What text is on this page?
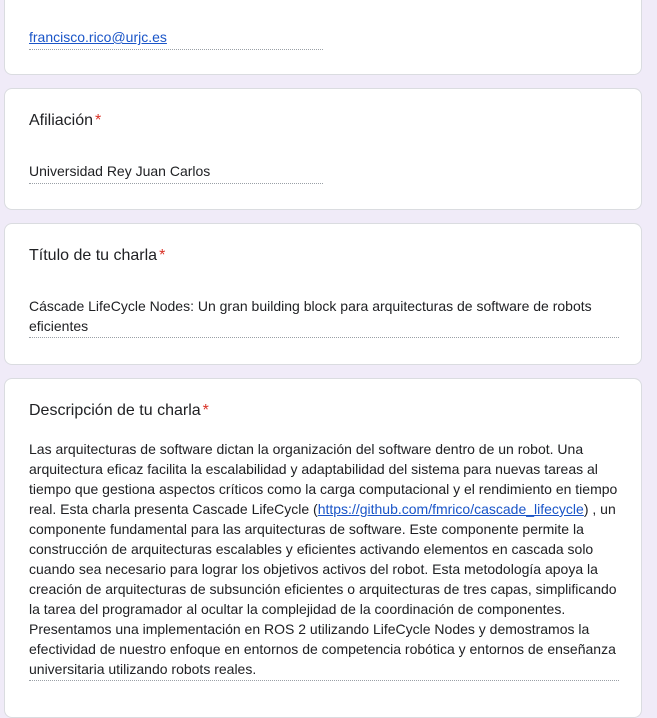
francisco.rico@urjc.es
Afiliación *
Universidad Rey Juan Carlos
Título de tu charla *
Cáscade LifeCycle Nodes: Un gran building block para arquitecturas de software de robots eficientes
Descripción de tu charla *
Las arquitecturas de software dictan la organización del software dentro de un robot. Una arquitectura eficaz facilita la escalabilidad y adaptabilidad del sistema para nuevas tareas al tiempo que gestiona aspectos críticos como la carga computacional y el rendimiento en tiempo real. Esta charla presenta Cascade LifeCycle (https://github.com/fmrico/cascade_lifecycle) , un componente fundamental para las arquitecturas de software. Este componente permite la construcción de arquitecturas escalables y eficientes activando elementos en cascada solo cuando sea necesario para lograr los objetivos activos del robot. Esta metodología apoya la creación de arquitecturas de subsunción eficientes o arquitecturas de tres capas, simplificando la tarea del programador al ocultar la complejidad de la coordinación de componentes. Presentamos una implementación en ROS 2 utilizando LifeCycle Nodes y demostramos la efectividad de nuestro enfoque en entornos de competencia robótica y entornos de enseñanza universitaria utilizando robots reales.
